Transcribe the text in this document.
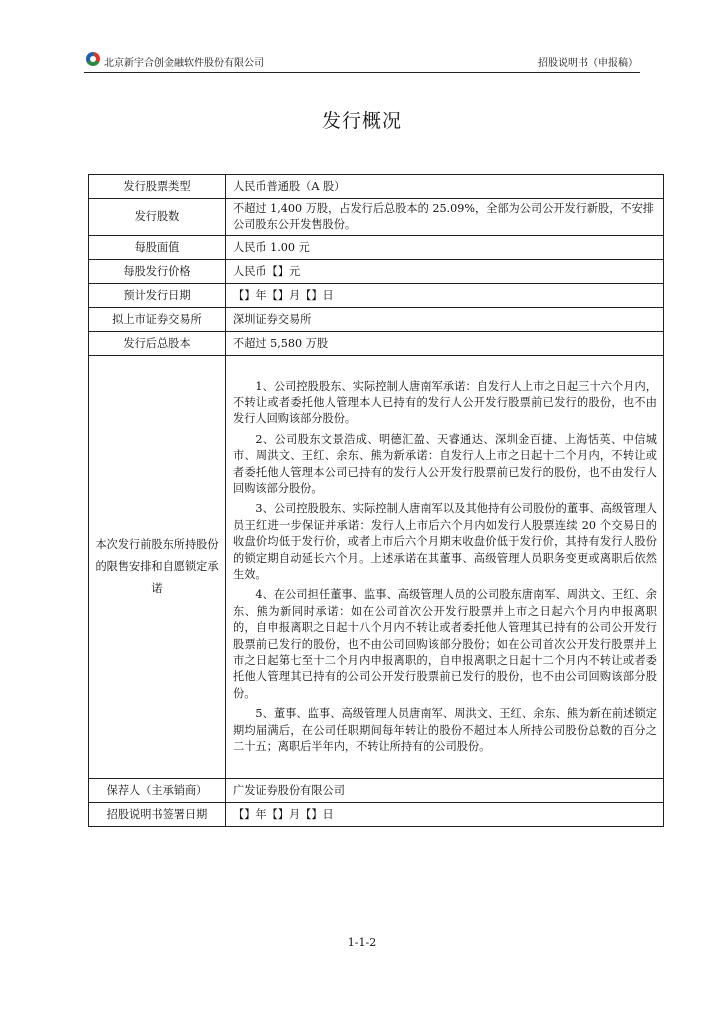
北京新宇合创金融软件股份有限公司	招股说明书（申报稿）
发行概况
发行股票类型	人民币普通股（A 股）
发行股数	不超过 1,400 万股，占发行后总股本的 25.09%，全部为公司公开发行新股，不安排公司股东公开发售股份。
每股面值	人民币 1.00 元
每股发行价格	人民币【】元
预计发行日期	【】年【】月【】日
拟上市证券交易所	深圳证券交易所
发行后总股本	不超过 5,580 万股
本次发行前股东所持股份的限售安排和自愿锁定承诺	1、公司控股股东、实际控制人唐南军承诺：自发行人上市之日起三十六个月内，不转让或者委托他人管理本人已持有的发行人公开发行股票前已发行的股份，也不由发行人回购该部分股份。

2、公司股东文景浩成、明德汇盈、天睿通达、深圳金百捷、上海恬英、中信城市、周洪文、王红、余东、熊为新承诺：自发行人上市之日起十二个月内，不转让或者委托他人管理本公司已持有的发行人公开发行股票前已发行的股份，也不由发行人回购该部分股份。

3、公司控股股东、实际控制人唐南军以及其他持有公司股份的董事、高级管理人员王红进一步保证并承诺：发行人上市后六个月内如发行人股票连续 20 个交易日的收盘价均低于发行价，或者上市后六个月期末收盘价低于发行价，其持有发行人股份的锁定期自动延长六个月。上述承诺在其董事、高级管理人员职务变更或离职后依然生效。

4、在公司担任董事、监事、高级管理人员的公司股东唐南军、周洪文、王红、余东、熊为新同时承诺：如在公司首次公开发行股票并上市之日起六个月内申报离职的，自申报离职之日起十八个月内不转让或者委托他人管理其已持有的公司公开发行股票前已发行的股份，也不由公司回购该部分股份；如在公司首次公开发行股票并上市之日起第七至十二个月内申报离职的，自申报离职之日起十二个月内不转让或者委托他人管理其已持有的公司公开发行股票前已发行的股份，也不由公司回购该部分股份。

5、董事、监事、高级管理人员唐南军、周洪文、王红、余东、熊为新在前述锁定期均届满后，在公司任职期间每年转让的股份不超过本人所持公司股份总数的百分之二十五；离职后半年内，不转让所持有的公司股份。

保荐人（主承销商）	广发证券股份有限公司
招股说明书签署日期	【】年【】月【】日
1-1-2
